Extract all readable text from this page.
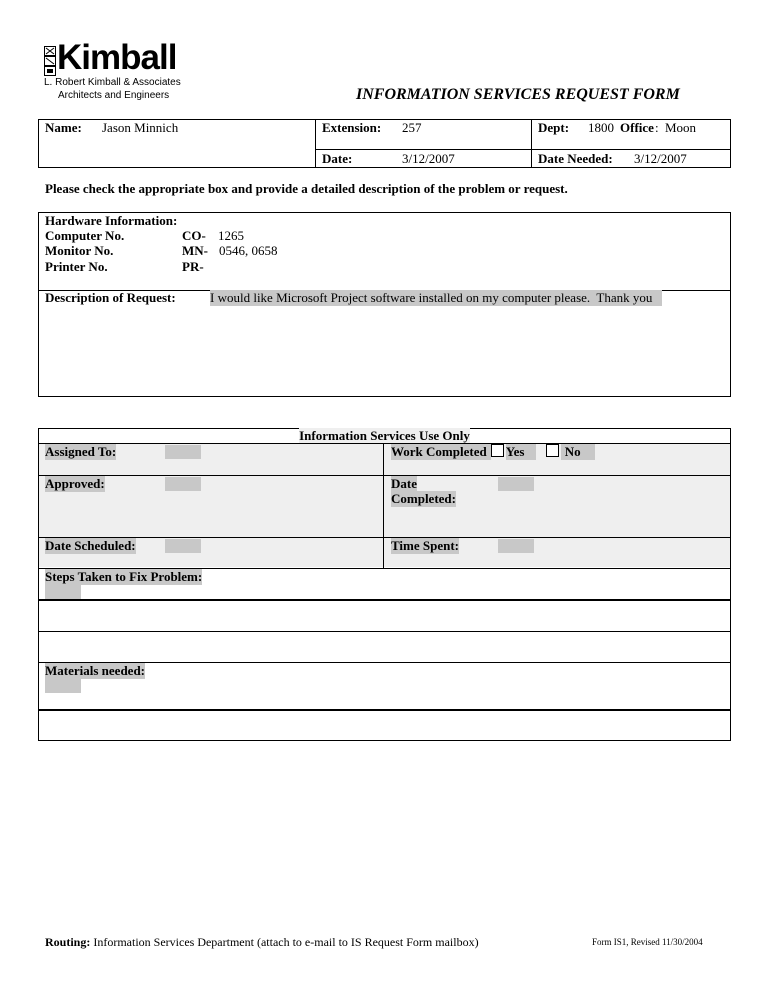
Kimball
L. Robert Kimball & Associates
Architects and Engineers	INFORMATION SERVICES REQUEST FORM
Name: Jason Minnich	Extension: 257	Dept: 1800 Office : Moon
Date:	3/12/2007	Date Needed: 3/12/2007
Please check the appropriate box and provide a detailed description of the problem or request.
Hardware Information:
Computer No.	CO- 1265
Monitor No.	MN- 0546, 0658
Printer No.	PR-
Description of Request:	I would like Microsoft Project software installed on my computer please.  Thank you
Information Services Use Only
Assigned To:	Work Completed Yes	No
Approved:	Date
Completed:
Date Scheduled:	Time Spent:
Steps Taken to Fix Problem:
Materials needed:
Routing: Information Services Department (attach to e-mail to IS Request Form mailbox)	Form IS1, Revised 11/30/2004
